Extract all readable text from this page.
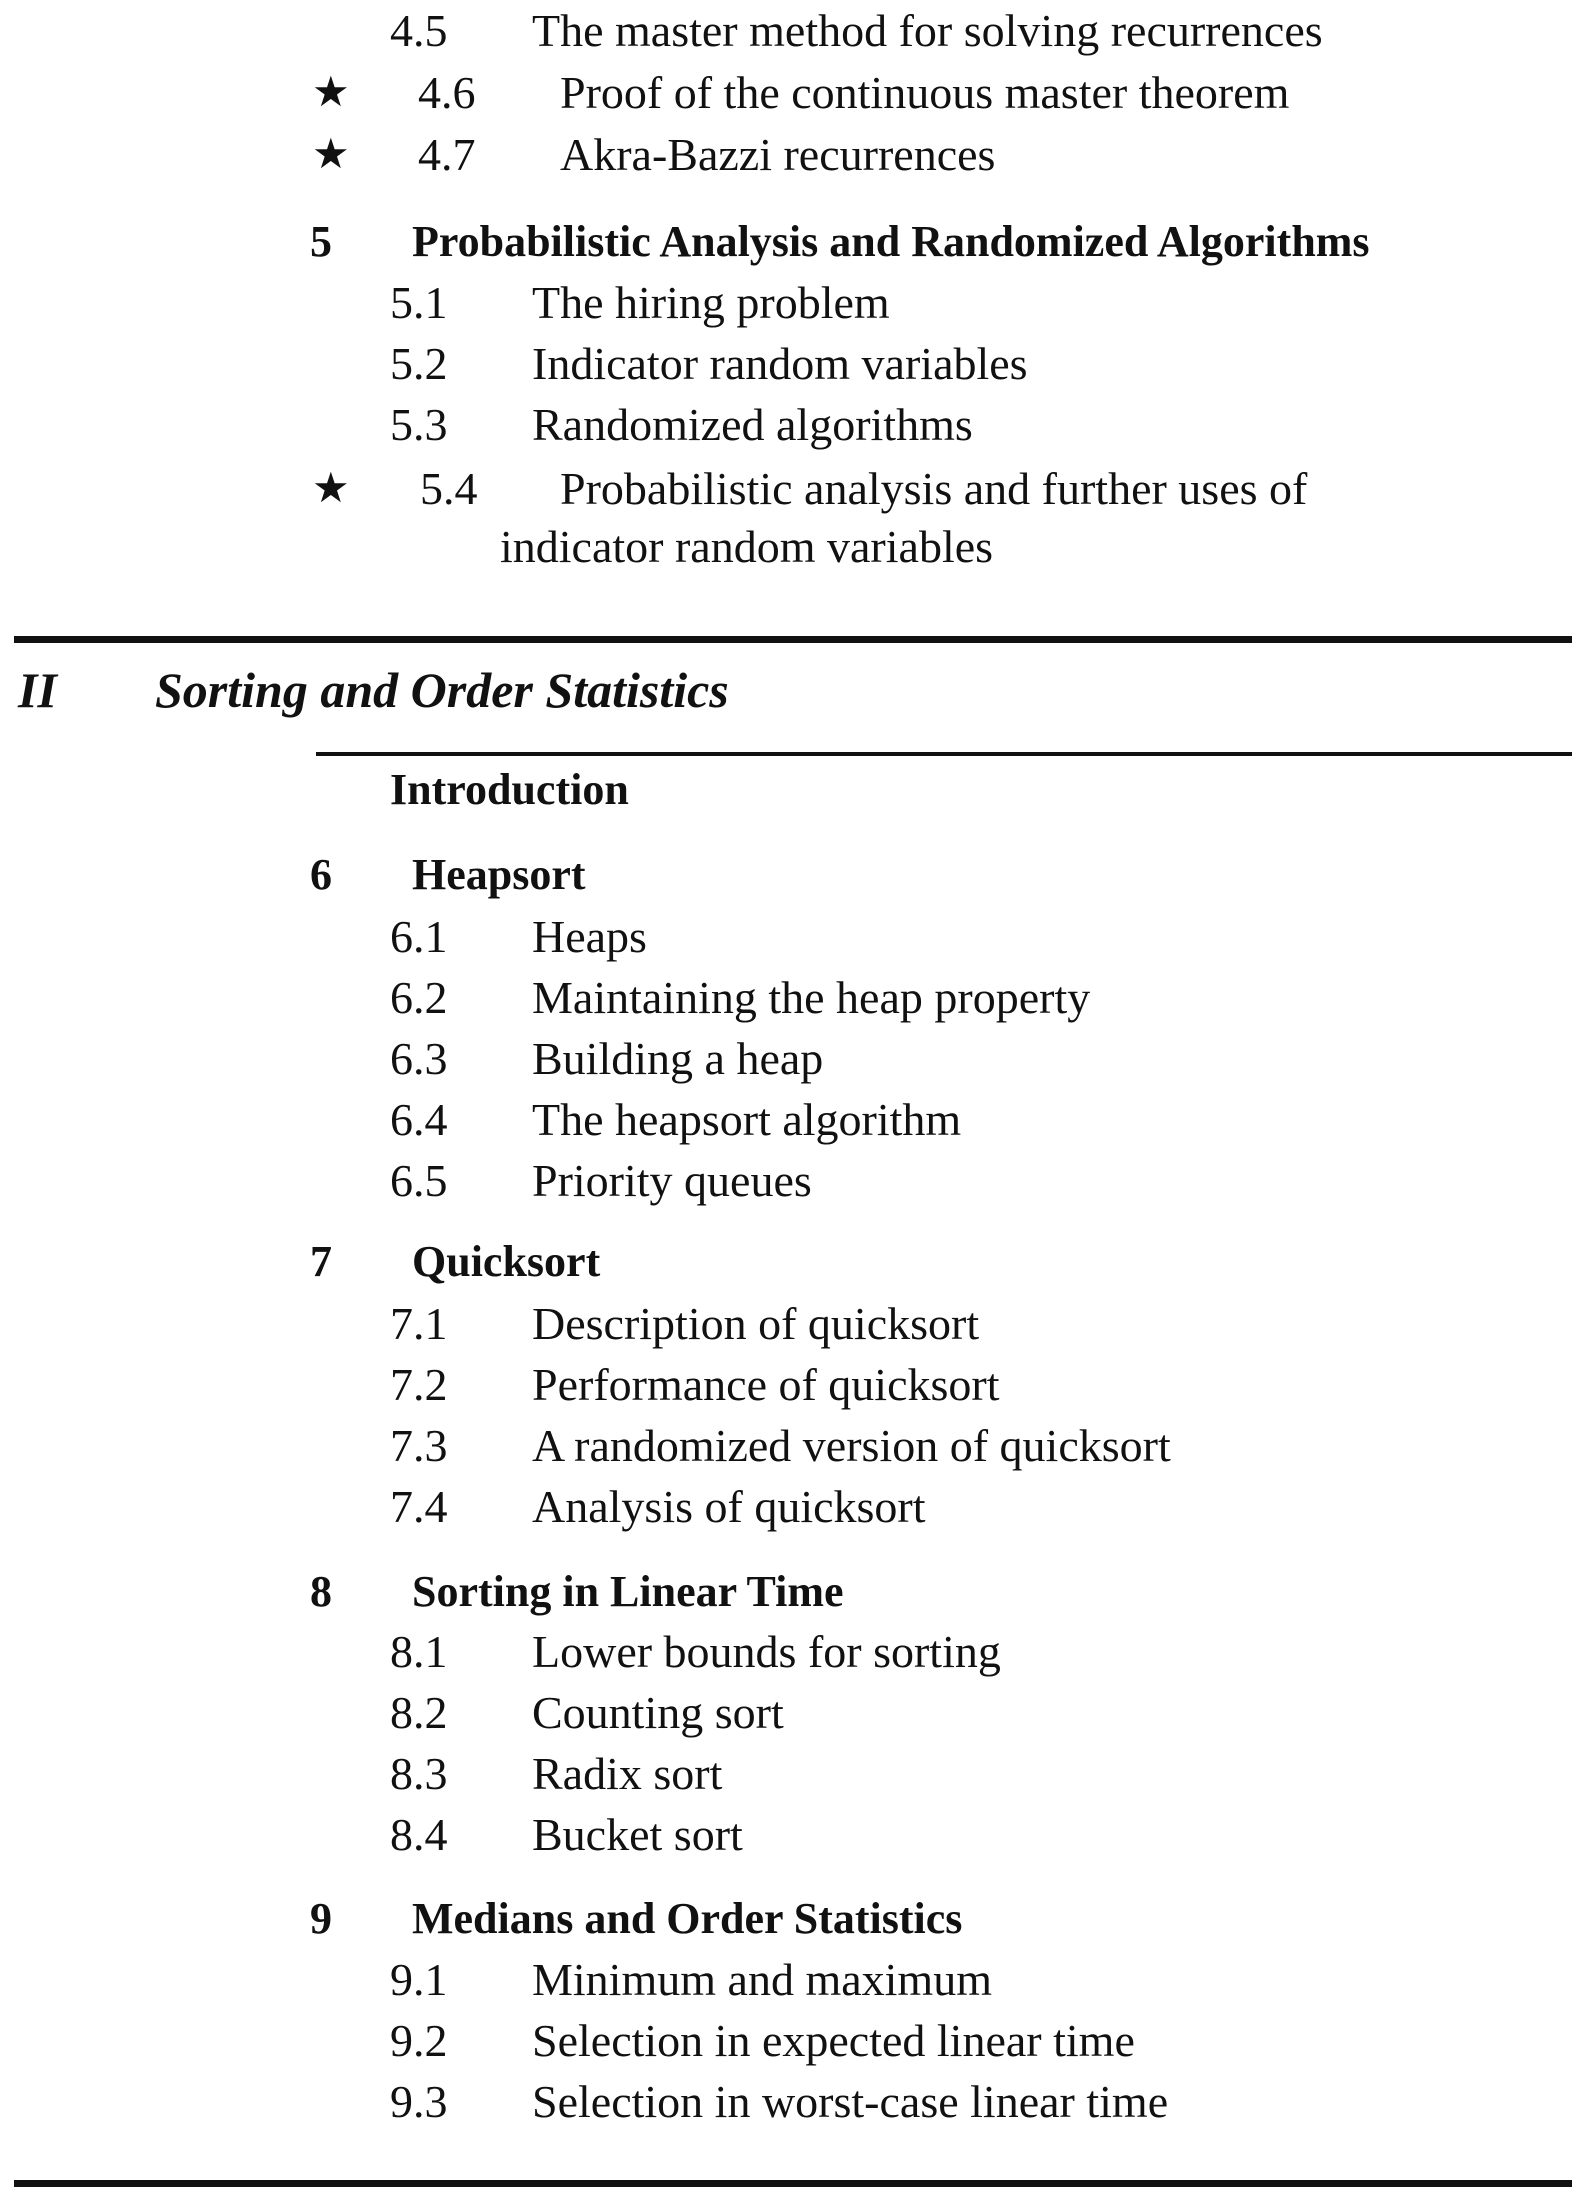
4.5 The master method for solving recurrences
★ 4.6 Proof of the continuous master theorem
★ 4.7 Akra-Bazzi recurrences
5 Probabilistic Analysis and Randomized Algorithms
5.1 The hiring problem
5.2 Indicator random variables
5.3 Randomized algorithms
★ 5.4 Probabilistic analysis and further uses of
indicator random variables
II Sorting and Order Statistics
Introduction
6 Heapsort
6.1 Heaps
6.2 Maintaining the heap property
6.3 Building a heap
6.4 The heapsort algorithm
6.5 Priority queues
7 Quicksort
7.1 Description of quicksort
7.2 Performance of quicksort
7.3 A randomized version of quicksort
7.4 Analysis of quicksort
8 Sorting in Linear Time
8.1 Lower bounds for sorting
8.2 Counting sort
8.3 Radix sort
8.4 Bucket sort
9 Medians and Order Statistics
9.1 Minimum and maximum
9.2 Selection in expected linear time
9.3 Selection in worst-case linear time
